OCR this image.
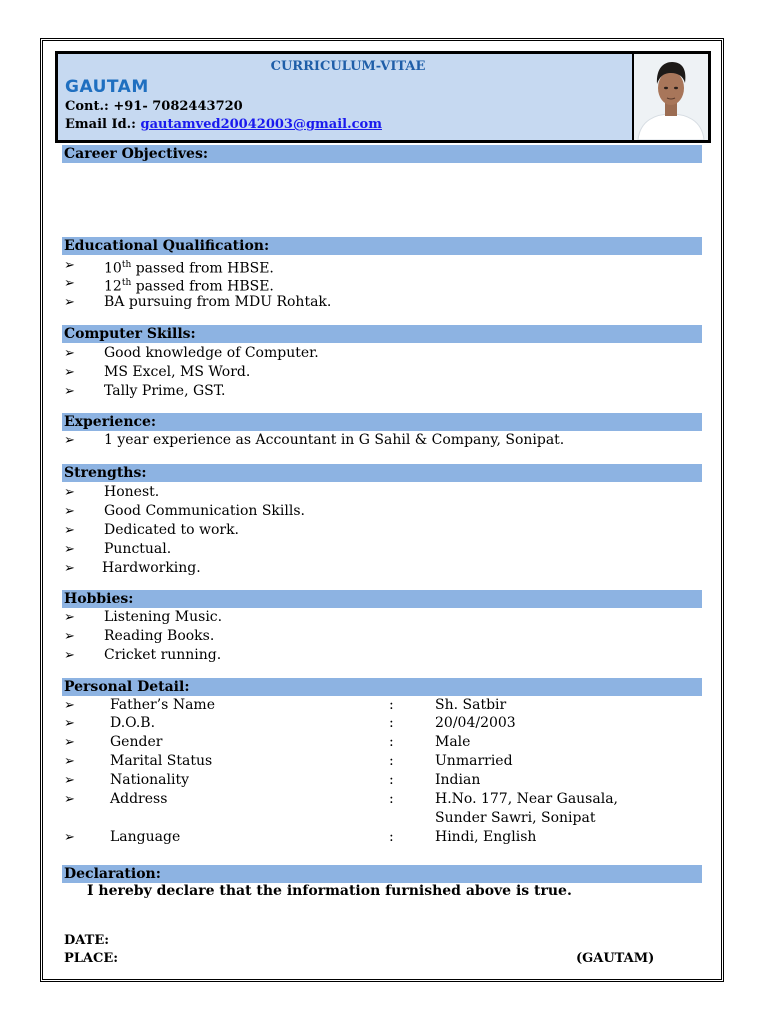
CURRICULUM-VITAE
GAUTAM
Cont.: +91- 7082443720
Email Id.: gautamved20042003@gmail.com
Career Objectives:
Educational Qualification:
➢ 10th passed from HBSE.
➢ 12th passed from HBSE.
➢ BA pursuing from MDU Rohtak.
Computer Skills:
➢ Good knowledge of Computer.
➢ MS Excel, MS Word.
➢ Tally Prime, GST.
Experience:
➢ 1 year experience as Accountant in G Sahil & Company, Sonipat.
Strengths:
➢ Honest.
➢ Good Communication Skills.
➢ Dedicated to work.
➢ Punctual.
➢ Hardworking.
Hobbies:
➢ Listening Music.
➢ Reading Books.
➢ Cricket running.
Personal Detail:
➢	Father’s Name	:	Sh. Satbir
➢	D.O.B.	:	20/04/2003
➢	Gender	:	Male
➢	Marital Status	:	Unmarried
➢	Nationality	:	Indian
➢	Address	:	H.No. 177, Near Gausala,
Sunder Sawri, Sonipat
➢	Language	:	Hindi, English
Declaration:
I hereby declare that the information furnished above is true.
DATE:
PLACE:	(GAUTAM)
